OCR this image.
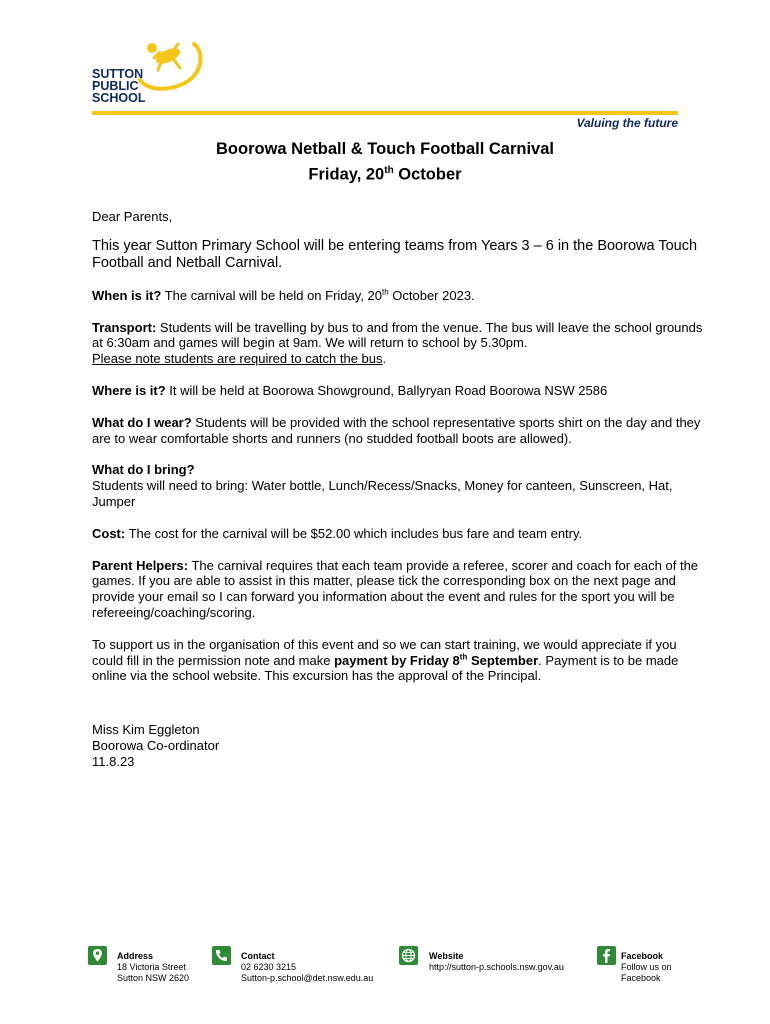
SUTTON
PUBLIC
SCHOOL
Valuing the future
Boorowa Netball & Touch Football Carnival
Friday, 20th October

Dear Parents,

This year Sutton Primary School will be entering teams from Years 3 – 6 in the Boorowa Touch Football and Netball Carnival.

When is it? The carnival will be held on Friday, 20th October 2023.

Transport: Students will be travelling by bus to and from the venue. The bus will leave the school grounds at 6:30am and games will begin at 9am. We will return to school by 5.30pm.
Please note students are required to catch the bus.

Where is it? It will be held at Boorowa Showground, Ballyryan Road Boorowa NSW 2586

What do I wear? Students will be provided with the school representative sports shirt on the day and they are to wear comfortable shorts and runners (no studded football boots are allowed).

What do I bring?
Students will need to bring: Water bottle, Lunch/Recess/Snacks, Money for canteen, Sunscreen, Hat, Jumper

Cost: The cost for the carnival will be $52.00 which includes bus fare and team entry.

Parent Helpers: The carnival requires that each team provide a referee, scorer and coach for each of the games. If you are able to assist in this matter, please tick the corresponding box on the next page and provide your email so I can forward you information about the event and rules for the sport you will be refereeing/coaching/scoring.

To support us in the organisation of this event and so we can start training, we would appreciate if you could fill in the permission note and make payment by Friday 8th September. Payment is to be made online via the school website. This excursion has the approval of the Principal.

Miss Kim Eggleton

Boorowa Co-ordinator

11.8.23

Address
18 Victoria Street
Sutton NSW 2620
Contact
02 6230 3215
Sutton-p.school@det.nsw.edu.au
Website
http://sutton-p.schools.nsw.gov.au
Facebook
Follow us on
Facebook
